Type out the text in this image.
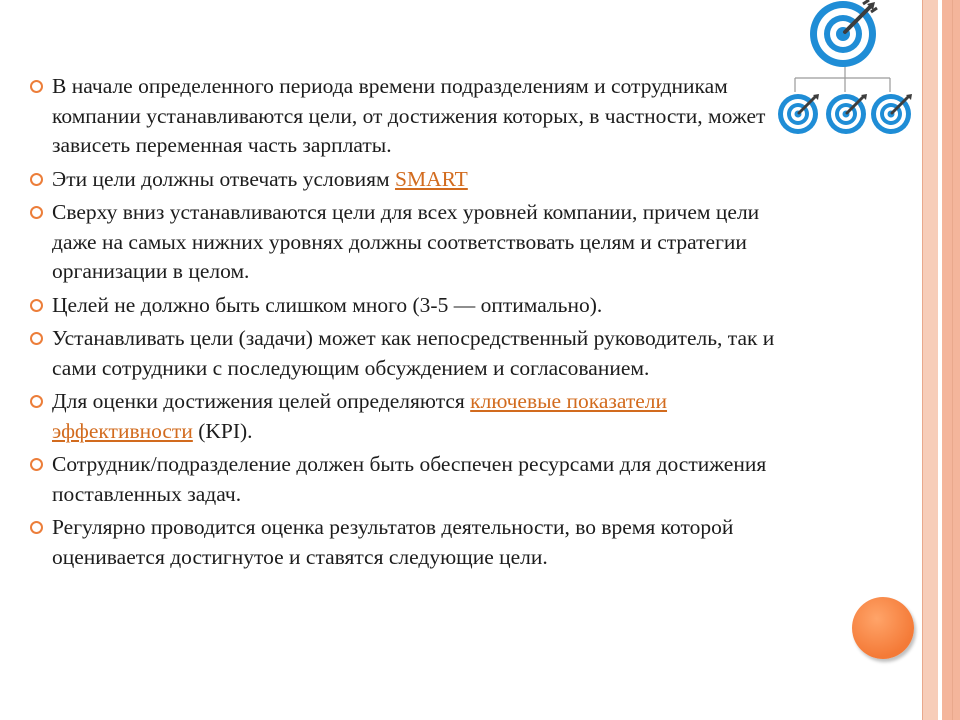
В начале определенного периода времени подразделениям и сотрудникам компании устанавливаются цели, от достижения которых, в частности, может зависеть переменная часть зарплаты.
Эти цели должны отвечать условиям SMART
Сверху вниз устанавливаются цели для всех уровней компании, причем цели даже на самых нижних уровнях должны соответствовать целям и стратегии организации в целом.
Целей не должно быть слишком много (3-5 — оптимально).
Устанавливать цели (задачи) может как непосредственный руководитель, так и сами сотрудники с последующим обсуждением и согласованием.
Для оценки достижения целей определяются ключевые показатели эффективности (KPI).
Сотрудник/подразделение должен быть обеспечен ресурсами для достижения поставленных задач.
Регулярно проводится оценка результатов деятельности, во время которой оценивается достигнутое и ставятся следующие цели.
